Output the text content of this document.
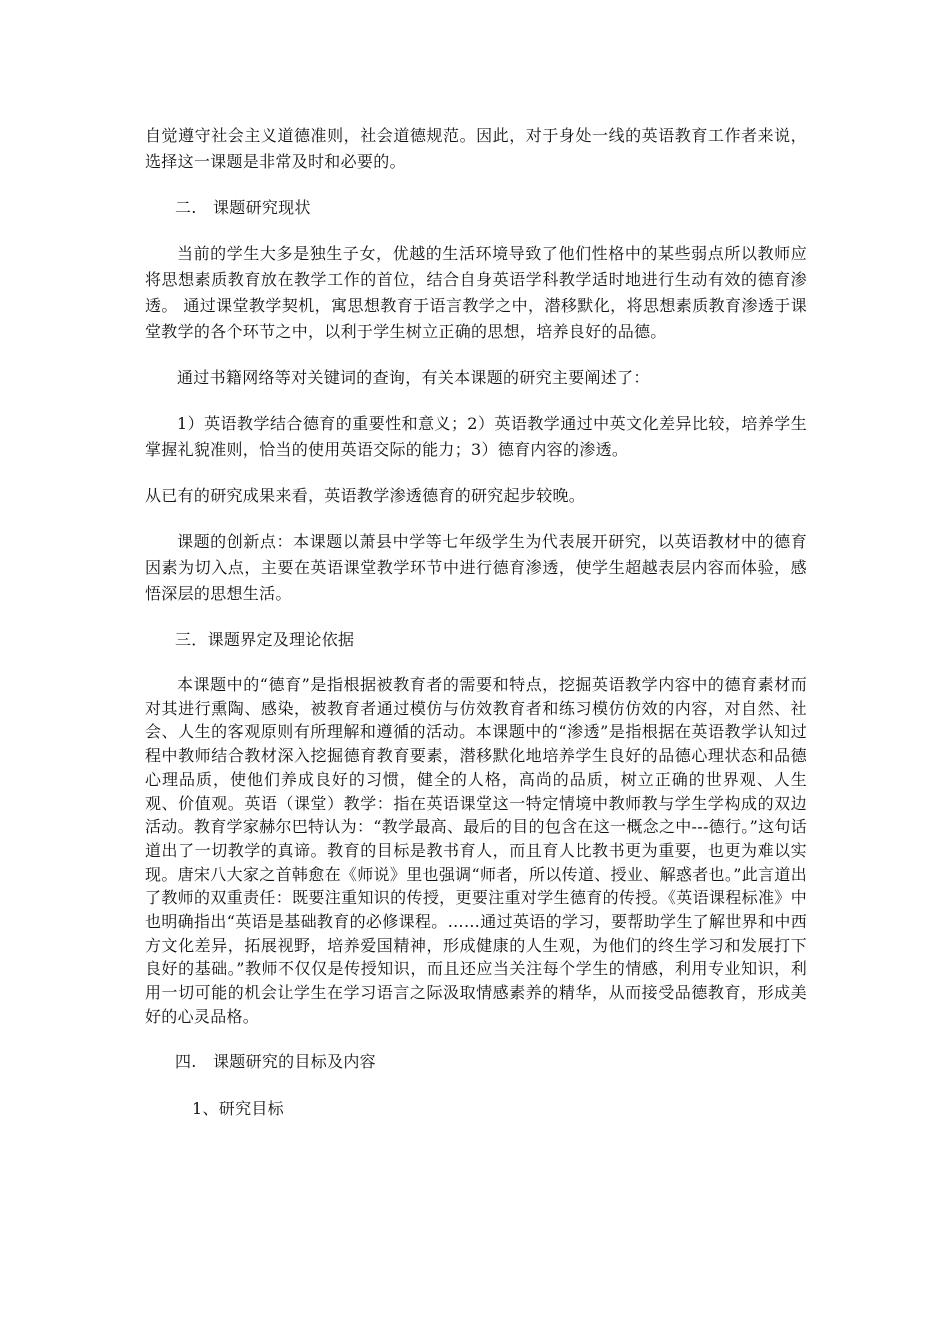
自觉遵守社会主义道德准则，社会道德规范。因此，对于身处一线的英语教育工作者来说，选择这一课题是非常及时和必要的。

二.　课题研究现状

当前的学生大多是独生子女，优越的生活环境导致了他们性格中的某些弱点所以教师应将思想素质教育放在教学工作的首位，结合自身英语学科教学适时地进行生动有效的德育渗透。 通过课堂教学契机，寓思想教育于语言教学之中，潜移默化，将思想素质教育渗透于课堂教学的各个环节之中，以利于学生树立正确的思想，培养良好的品德。

通过书籍网络等对关键词的查询，有关本课题的研究主要阐述了：

1）英语教学结合德育的重要性和意义；2）英语教学通过中英文化差异比较，培养学生掌握礼貌准则，恰当的使用英语交际的能力；3）德育内容的渗透。

从已有的研究成果来看，英语教学渗透德育的研究起步较晚。

课题的创新点：本课题以萧县中学等七年级学生为代表展开研究，以英语教材中的德育因素为切入点，主要在英语课堂教学环节中进行德育渗透，使学生超越表层内容而体验，感悟深层的思想生活。

三．课题界定及理论依据

本课题中的“德育”是指根据被教育者的需要和特点，挖掘英语教学内容中的德育素材而对其进行熏陶、感染，被教育者通过模仿与仿效教育者和练习模仿仿效的内容，对自然、社会、人生的客观原则有所理解和遵循的活动。本课题中的“渗透”是指根据在英语教学认知过程中教师结合教材深入挖掘德育教育要素，潜移默化地培养学生良好的品德心理状态和品德心理品质，使他们养成良好的习惯，健全的人格，高尚的品质，树立正确的世界观、人生观、价值观。英语（课堂）教学：指在英语课堂这一特定情境中教师教与学生学构成的双边活动。教育学家赫尔巴特认为：“教学最高、最后的目的包含在这一概念之中---德行。”这句话道出了一切教学的真谛。教育的目标是教书育人，而且育人比教书更为重要，也更为难以实现。唐宋八大家之首韩愈在《师说》里也强调“师者，所以传道、授业、解惑者也。”此言道出了教师的双重责任：既要注重知识的传授，更要注重对学生德育的传授。《英语课程标准》中也明确指出“英语是基础教育的必修课程。……通过英语的学习，要帮助学生了解世界和中西方文化差异，拓展视野，培养爱国精神，形成健康的人生观，为他们的终生学习和发展打下良好的基础。”教师不仅仅是传授知识，而且还应当关注每个学生的情感，利用专业知识，利用一切可能的机会让学生在学习语言之际汲取情感素养的精华，从而接受品德教育，形成美好的心灵品格。

四.　课题研究的目标及内容

1、研究目标
